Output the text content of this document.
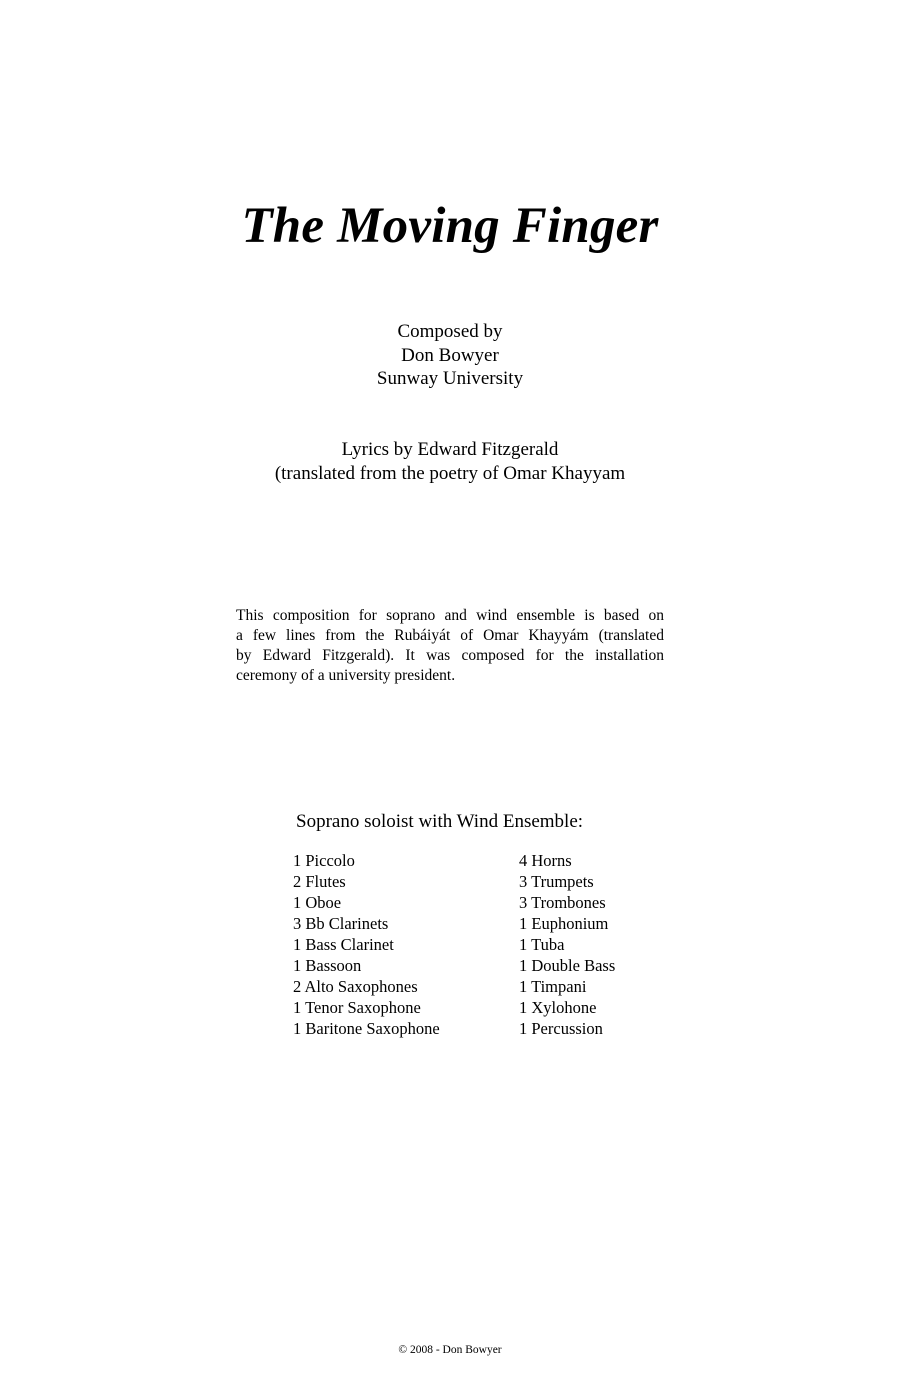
The Moving Finger
Composed by
Don Bowyer
Sunway University
Lyrics by Edward Fitzgerald
(translated from the poetry of Omar Khayyam
This composition for soprano and wind ensemble is based on
a few lines from the Rubáiyát of Omar Khayyám (translated
by Edward Fitzgerald). It was composed for the installation
ceremony of a university president.
Soprano soloist with Wind Ensemble:
1 Piccolo
2 Flutes
1 Oboe
3 Bb Clarinets
1 Bass Clarinet
1 Bassoon
2 Alto Saxophones
1 Tenor Saxophone
1 Baritone Saxophone
4 Horns
3 Trumpets
3 Trombones
1 Euphonium
1 Tuba
1 Double Bass
1 Timpani
1 Xylohone
1 Percussion
© 2008 - Don Bowyer
